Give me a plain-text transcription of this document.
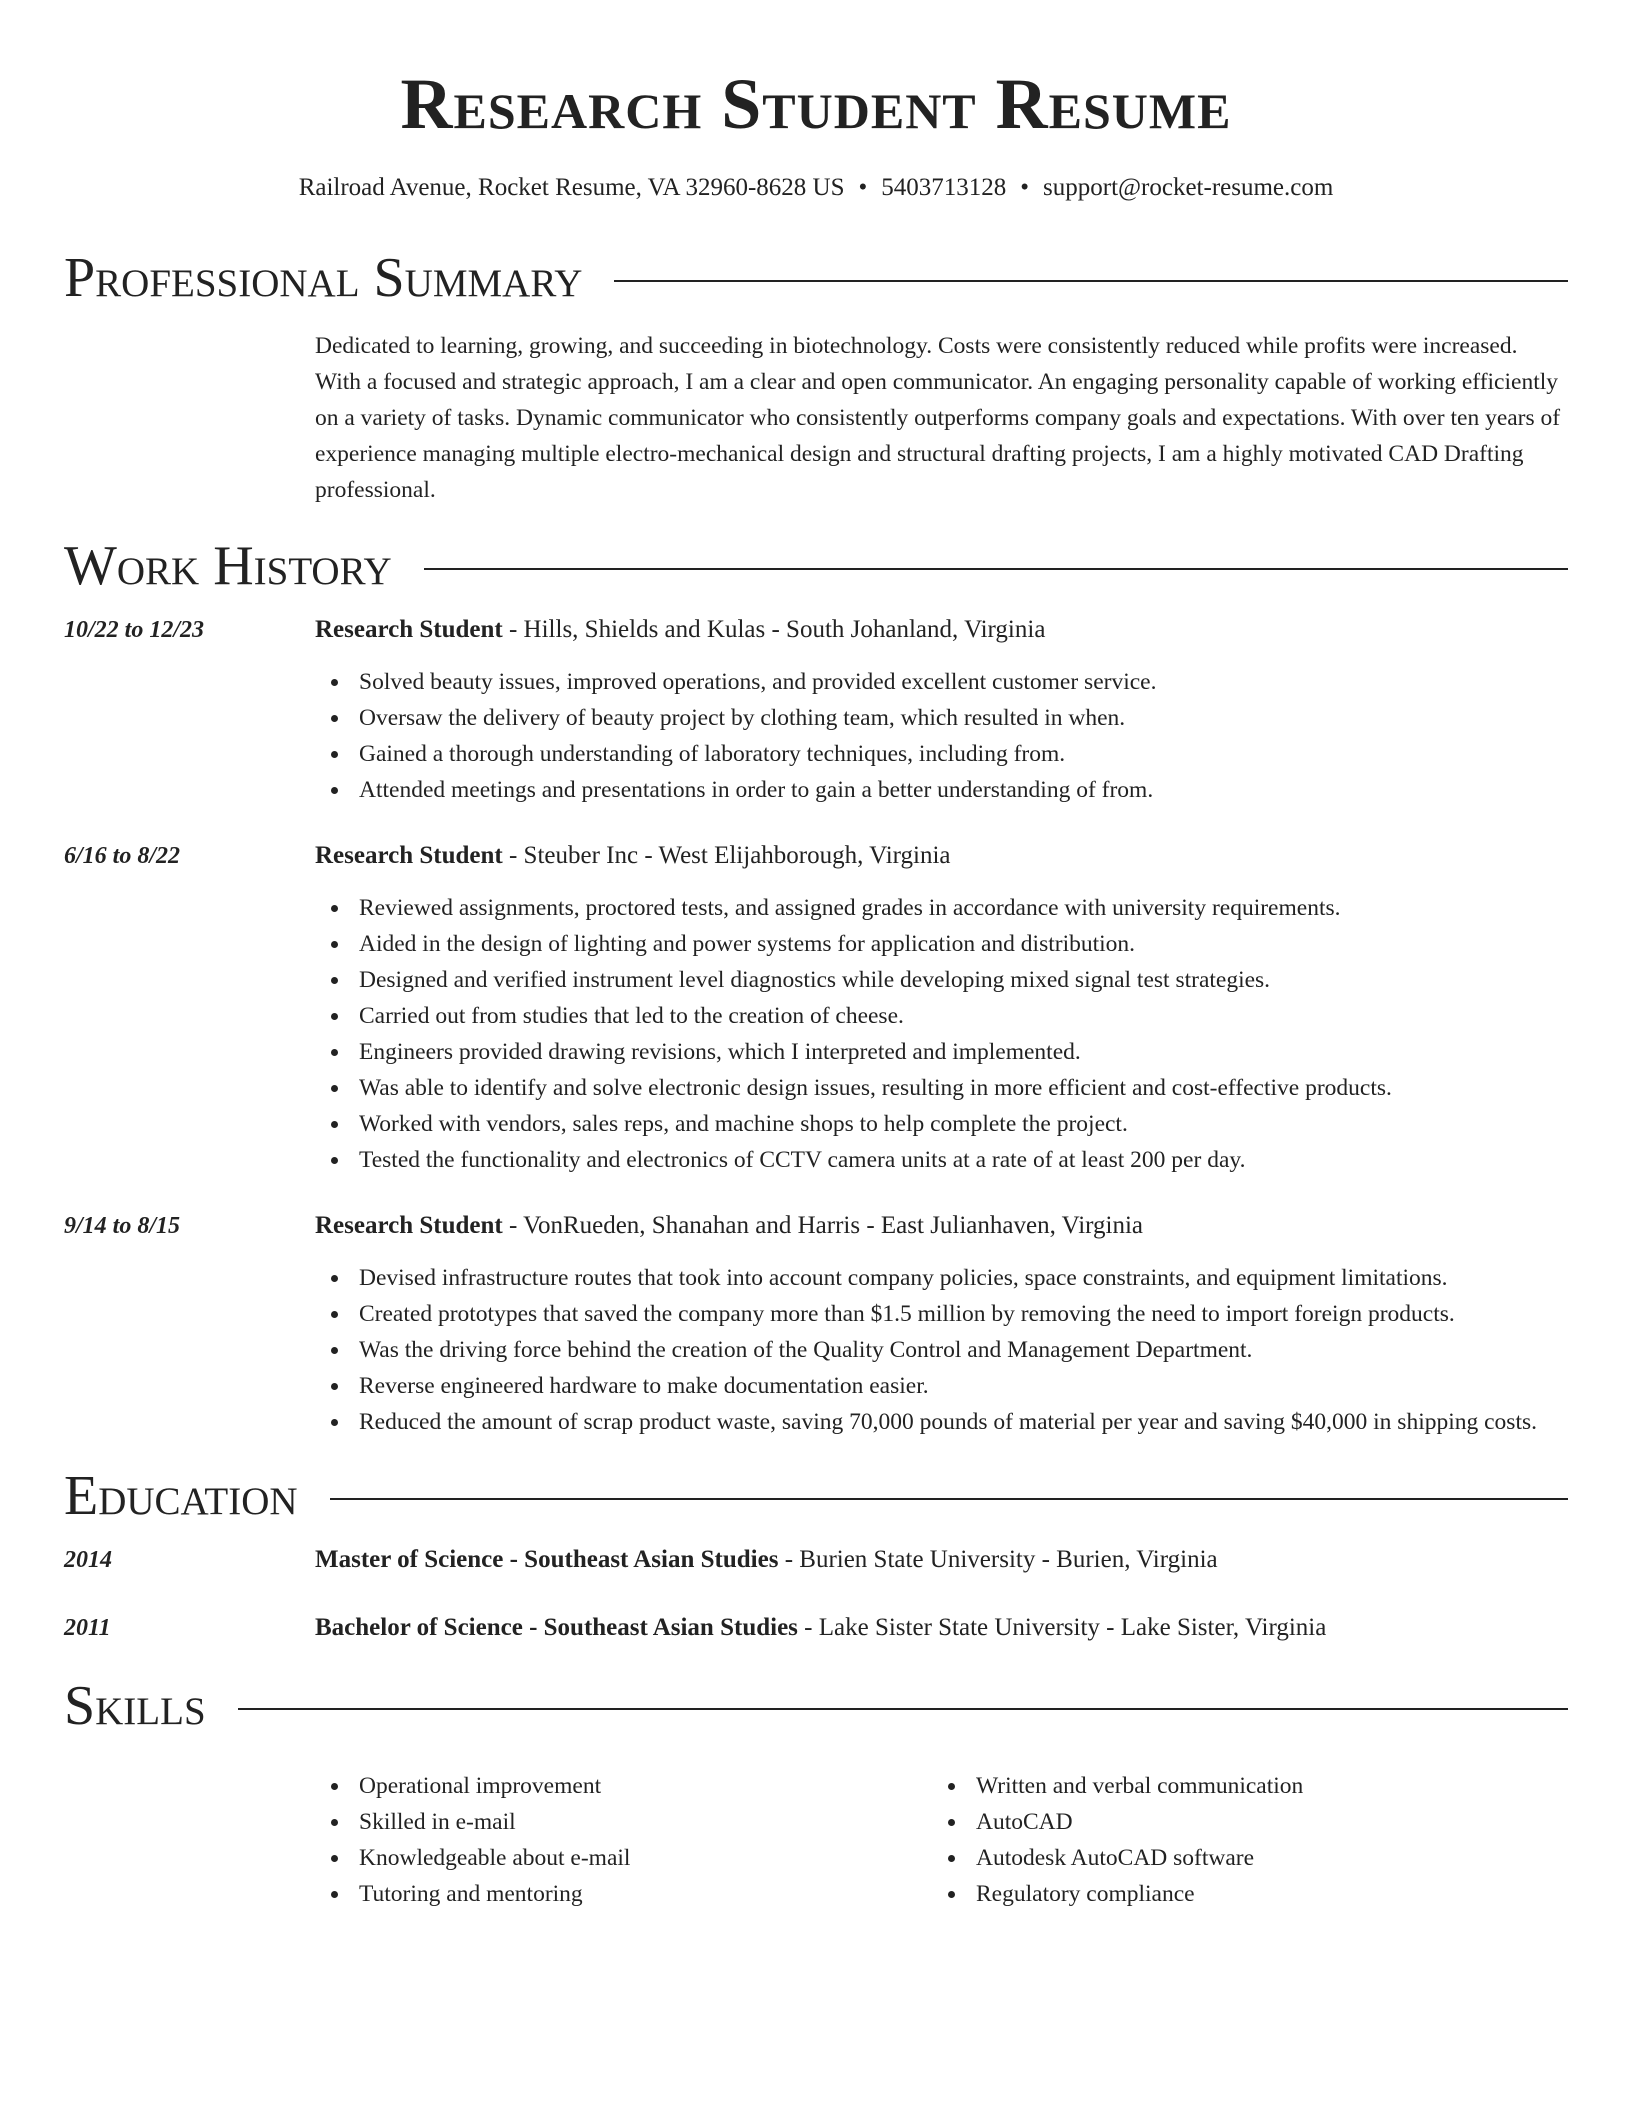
Research Student Resume
Railroad Avenue, Rocket Resume, VA 32960-8628 US • 5403713128 • support@rocket-resume.com
Professional Summary

Dedicated to learning, growing, and succeeding in biotechnology. Costs were consistently reduced while profits were increased. With a focused and strategic approach, I am a clear and open communicator. An engaging personality capable of working efficiently on a variety of tasks. Dynamic communicator who consistently outperforms company goals and expectations. With over ten years of experience managing multiple electro-mechanical design and structural drafting projects, I am a highly motivated CAD Drafting professional.

Work History
10/22 to 12/23	Research Student - Hills, Shields and Kulas - South Johanland, Virginia
Solved beauty issues, improved operations, and provided excellent customer service.
Oversaw the delivery of beauty project by clothing team, which resulted in when.
Gained a thorough understanding of laboratory techniques, including from.
Attended meetings and presentations in order to gain a better understanding of from.
6/16 to 8/22	Research Student - Steuber Inc - West Elijahborough, Virginia
Reviewed assignments, proctored tests, and assigned grades in accordance with university requirements.
Aided in the design of lighting and power systems for application and distribution.
Designed and verified instrument level diagnostics while developing mixed signal test strategies.
Carried out from studies that led to the creation of cheese.
Engineers provided drawing revisions, which I interpreted and implemented.
Was able to identify and solve electronic design issues, resulting in more efficient and cost-effective products.
Worked with vendors, sales reps, and machine shops to help complete the project.
Tested the functionality and electronics of CCTV camera units at a rate of at least 200 per day.
9/14 to 8/15	Research Student - VonRueden, Shanahan and Harris - East Julianhaven, Virginia
Devised infrastructure routes that took into account company policies, space constraints, and equipment limitations.
Created prototypes that saved the company more than $1.5 million by removing the need to import foreign products.
Was the driving force behind the creation of the Quality Control and Management Department.
Reverse engineered hardware to make documentation easier.
Reduced the amount of scrap product waste, saving 70,000 pounds of material per year and saving $40,000 in shipping costs.
Education
2014	Master of Science - Southeast Asian Studies - Burien State University - Burien, Virginia
2011	Bachelor of Science - Southeast Asian Studies - Lake Sister State University - Lake Sister, Virginia
Skills
Operational improvement
Skilled in e-mail
Knowledgeable about e-mail
Tutoring and mentoring
Written and verbal communication
AutoCAD
Autodesk AutoCAD software
Regulatory compliance
